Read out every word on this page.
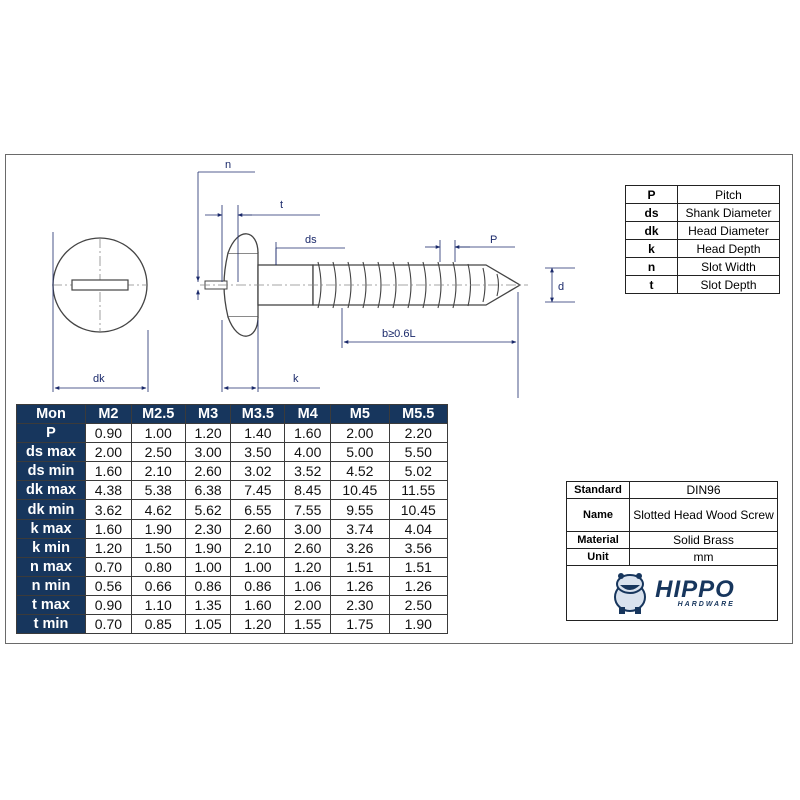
n
t
ds	P
d
b≥0.6L
dk	k
P	Pitch
ds	Shank Diameter
dk	Head Diameter
k	Head Depth
n	Slot Width
t	Slot Depth
Mon	M2	M2.5	M3	M3.5	M4	M5	M5.5
P	0.90	1.00	1.20	1.40	1.60	2.00	2.20
ds max	2.00	2.50	3.00	3.50	4.00	5.00	5.50
ds min	1.60	2.10	2.60	3.02	3.52	4.52	5.02
dk max	4.38	5.38	6.38	7.45	8.45	10.45	11.55
dk min	3.62	4.62	5.62	6.55	7.55	9.55	10.45
k max	1.60	1.90	2.30	2.60	3.00	3.74	4.04
k min	1.20	1.50	1.90	2.10	2.60	3.26	3.56
n max	0.70	0.80	1.00	1.00	1.20	1.51	1.51
n min	0.56	0.66	0.86	0.86	1.06	1.26	1.26
t max	0.90	1.10	1.35	1.60	2.00	2.30	2.50
t min	0.70	0.85	1.05	1.20	1.55	1.75	1.90
Standard	DIN96
Name	Slotted Head Wood Screw
Material	Solid Brass
Unit	mm

HIPPO
HARDWARE	
